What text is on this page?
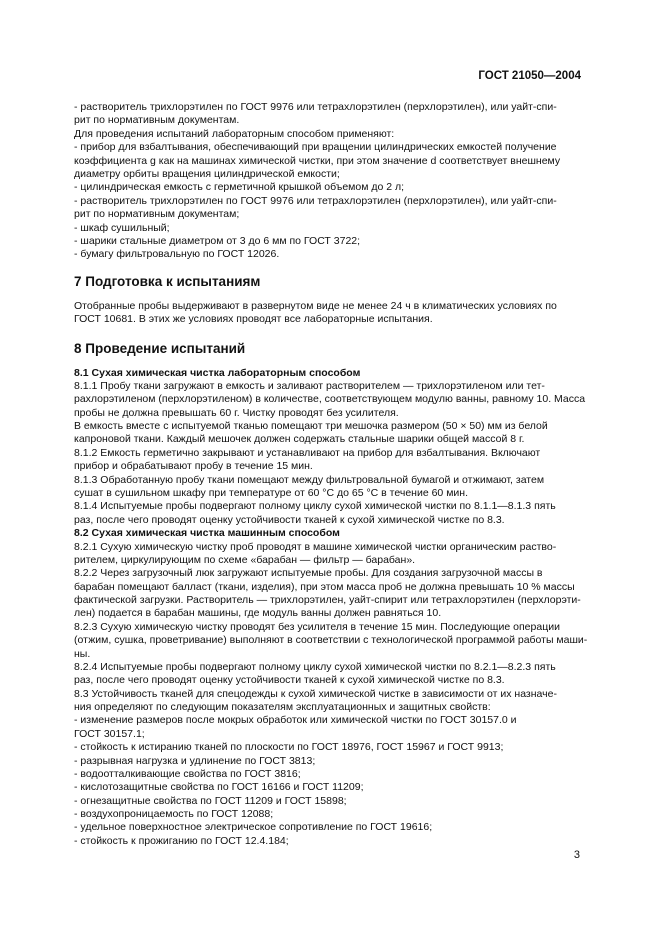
ГОСТ 21050—2004
- растворитель трихлорэтилен по ГОСТ 9976 или тетрахлорэтилен (перхлорэтилен), или уайт-спи-
рит по нормативным документам.
Для проведения испытаний лабораторным способом применяют:
- прибор для взбалтывания, обеспечивающий при вращении цилиндрических емкостей получение
коэффициента g как на машинах химической чистки, при этом значение d соответствует внешнему
диаметру орбиты вращения цилиндрической емкости;
- цилиндрическая емкость с герметичной крышкой объемом до 2 л;
- растворитель трихлорэтилен по ГОСТ 9976 или тетрахлорэтилен (перхлорэтилен), или уайт-спи-
рит по нормативным документам;
- шкаф сушильный;
- шарики стальные диаметром от 3 до 6 мм по ГОСТ 3722;
- бумагу фильтровальную по ГОСТ 12026.
7 Подготовка к испытаниям
Отобранные пробы выдерживают в развернутом виде не менее 24 ч в климатических условиях по
ГОСТ 10681. В этих же условиях проводят все лабораторные испытания.
8 Проведение испытаний
8.1 Сухая химическая чистка лабораторным способом
8.1.1 Пробу ткани загружают в емкость и заливают растворителем — трихлорэтиленом или тет-
рахлорэтиленом (перхлорэтиленом) в количестве, соответствующем модулю ванны, равному 10. Масса
пробы не должна превышать 60 г. Чистку проводят без усилителя.
В емкость вместе с испытуемой тканью помещают три мешочка размером (50 × 50) мм из белой
капроновой ткани. Каждый мешочек должен содержать стальные шарики общей массой 8 г.
8.1.2 Емкость герметично закрывают и устанавливают на прибор для взбалтывания. Включают
прибор и обрабатывают пробу в течение 15 мин.
8.1.3 Обработанную пробу ткани помещают между фильтровальной бумагой и отжимают, затем
сушат в сушильном шкафу при температуре от 60 °С до 65 °С в течение 60 мин.
8.1.4 Испытуемые пробы подвергают полному циклу сухой химической чистки по 8.1.1—8.1.3 пять
раз, после чего проводят оценку устойчивости тканей к сухой химической чистке по 8.3.
8.2 Сухая химическая чистка машинным способом
8.2.1 Сухую химическую чистку проб проводят в машине химической чистки органическим раство-
рителем, циркулирующим по схеме «барабан — фильтр — барабан».
8.2.2 Через загрузочный люк загружают испытуемые пробы. Для создания загрузочной массы в
барабан помещают балласт (ткани, изделия), при этом масса проб не должна превышать 10 % массы
фактической загрузки. Растворитель — трихлорэтилен, уайт-спирит или тетрахлорэтилен (перхлорэти-
лен) подается в барабан машины, где модуль ванны должен равняться 10.
8.2.3 Сухую химическую чистку проводят без усилителя в течение 15 мин. Последующие операции
(отжим, сушка, проветривание) выполняют в соответствии с технологической программой работы маши-
ны.
8.2.4 Испытуемые пробы подвергают полному циклу сухой химической чистки по 8.2.1—8.2.3 пять
раз, после чего проводят оценку устойчивости тканей к сухой химической чистке по 8.3.
8.3 Устойчивость тканей для спецодежды к сухой химической чистке в зависимости от их назначе-
ния определяют по следующим показателям эксплуатационных и защитных свойств:
- изменение размеров после мокрых обработок или химической чистки по ГОСТ 30157.0 и
ГОСТ 30157.1;
- стойкость к истиранию тканей по плоскости по ГОСТ 18976, ГОСТ 15967 и ГОСТ 9913;
- разрывная нагрузка и удлинение по ГОСТ 3813;
- водоотталкивающие свойства по ГОСТ 3816;
- кислотозащитные свойства по ГОСТ 16166 и ГОСТ 11209;
- огнезащитные свойства по ГОСТ 11209 и ГОСТ 15898;
- воздухопроницаемость по ГОСТ 12088;
- удельное поверхностное электрическое сопротивление по ГОСТ 19616;
- стойкость к прожиганию по ГОСТ 12.4.184;
3
